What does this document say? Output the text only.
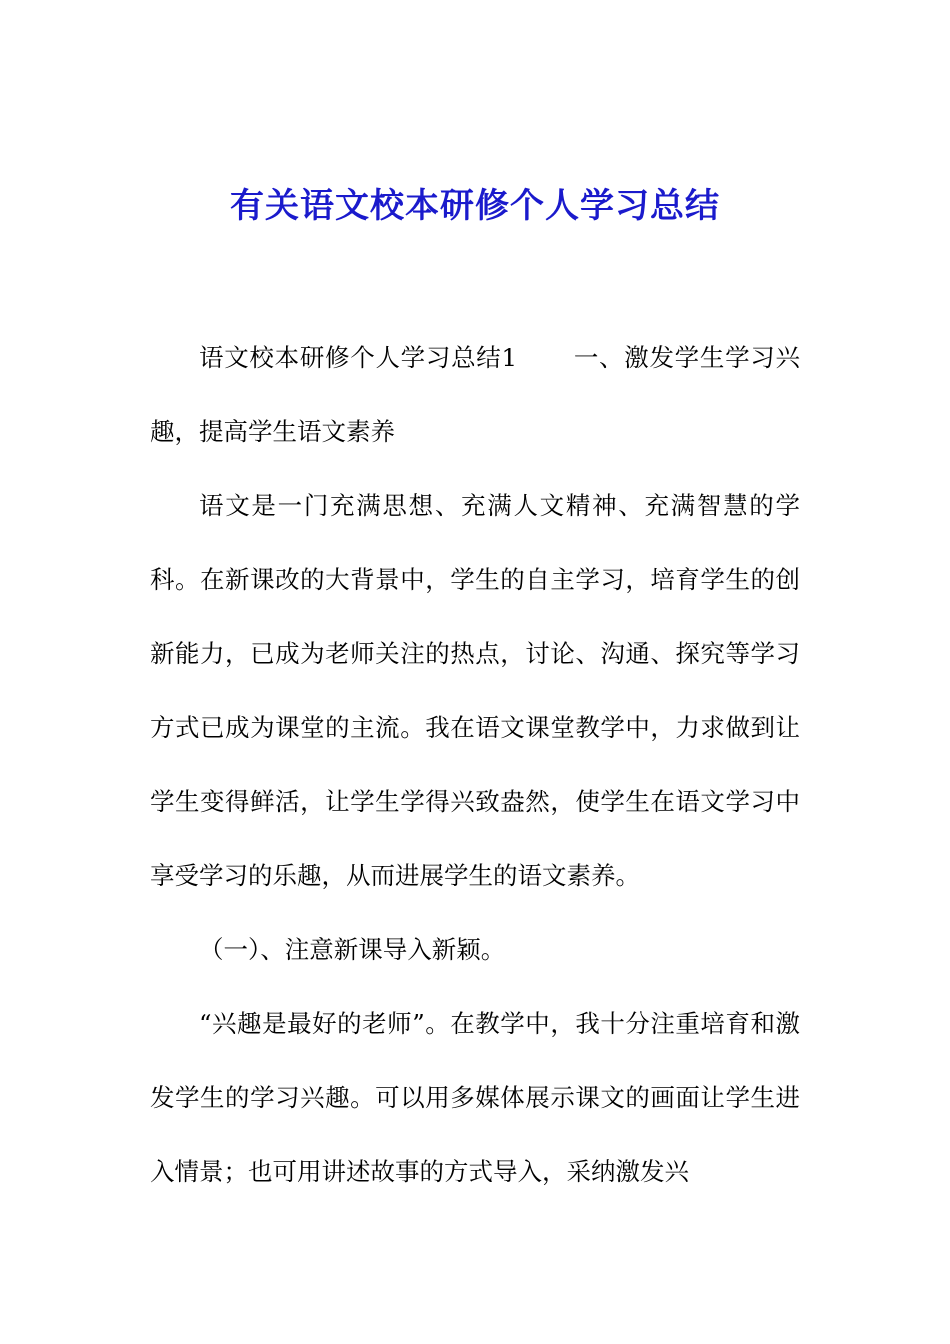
有关语文校本研修个人学习总结

语文校本研修个人学习总结1 一、激发学生学习兴趣，提高学生语文素养

语文是一门充满思想、充满人文精神、充满智慧的学科。在新课改的大背景中，学生的自主学习，培育学生的创新能力，已成为老师关注的热点，讨论、沟通、探究等学习方式已成为课堂的主流。我在语文课堂教学中，力求做到让学生变得鲜活，让学生学得兴致盎然，使学生在语文学习中享受学习的乐趣，从而进展学生的语文素养。

（一）、注意新课导入新颖。

“兴趣是最好的老师”。在教学中，我十分注重培育和激发学生的学习兴趣。可以用多媒体展示课文的画面让学生进入情景；也可用讲述故事的方式导入，采纳激发兴
